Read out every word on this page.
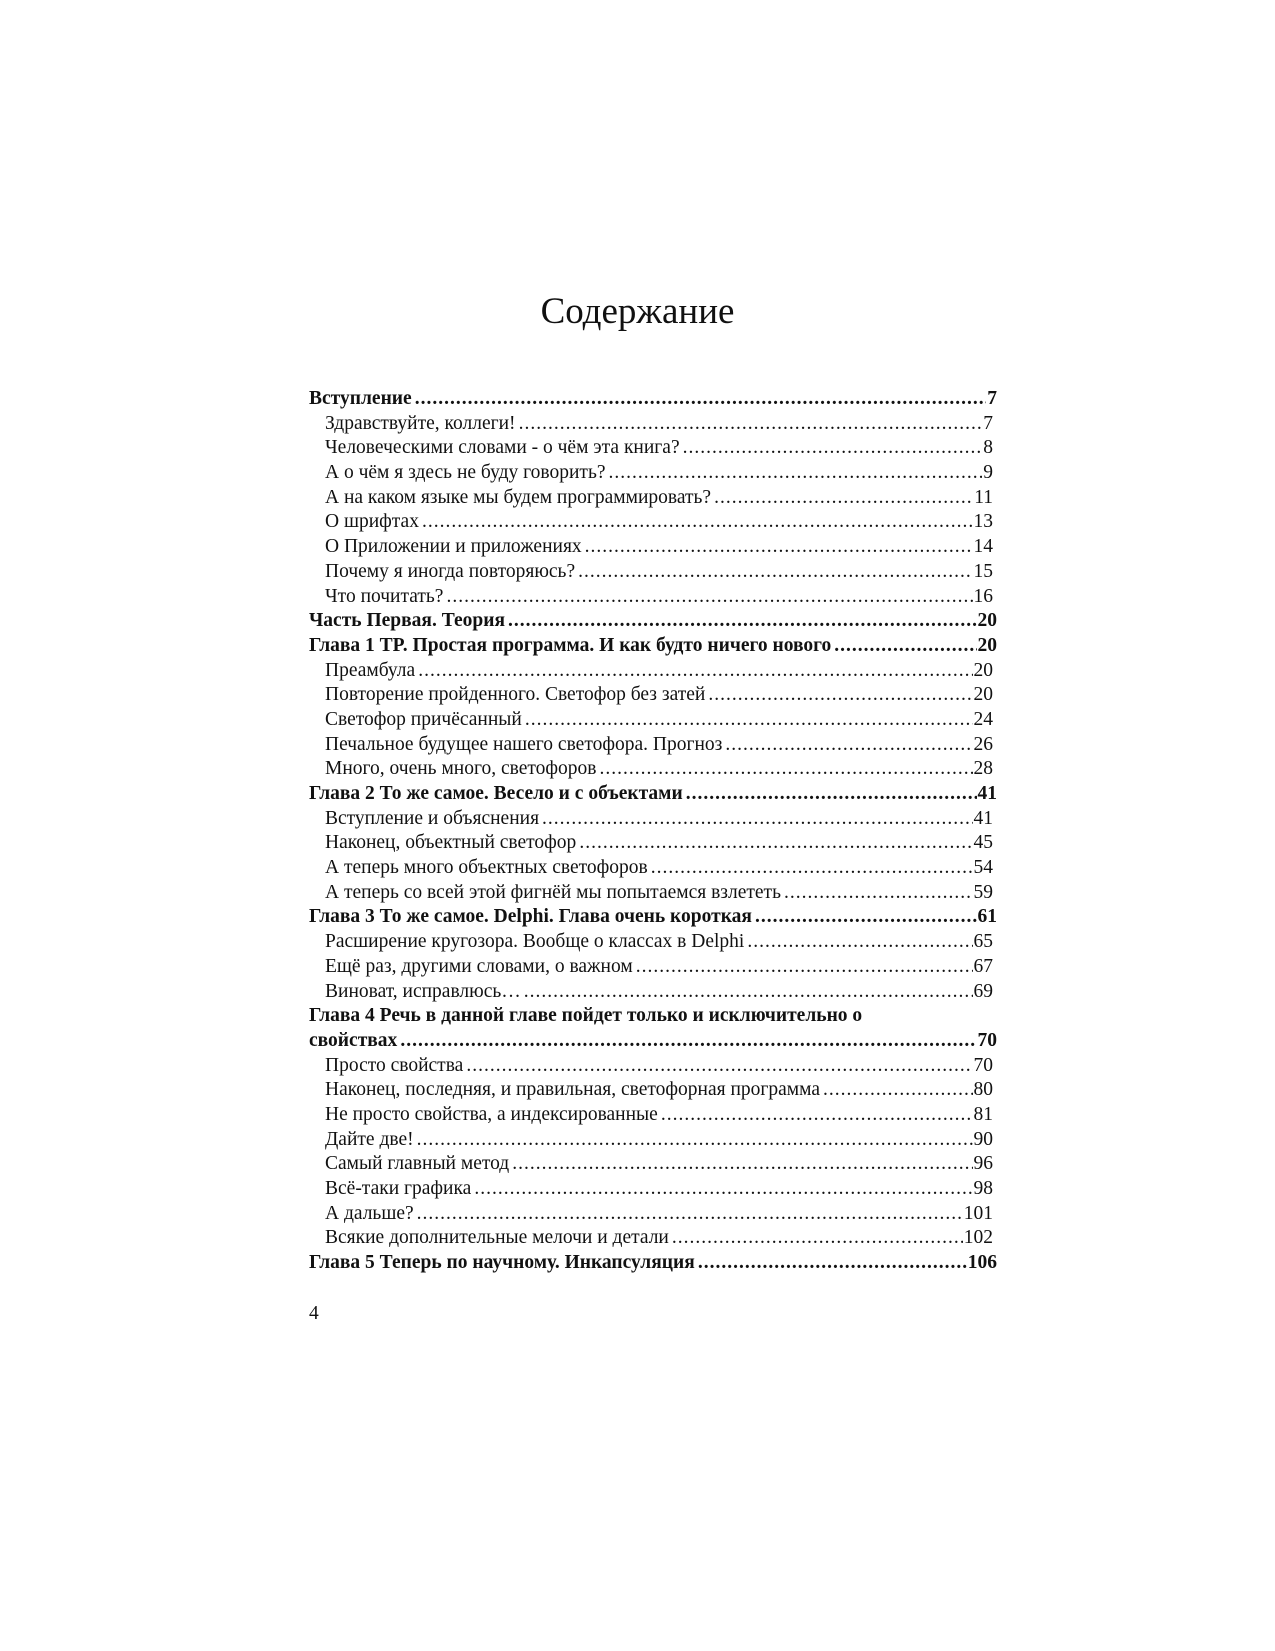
Содержание
Вступление .....	7
Здравствуйте, коллеги! .....	7
Человеческими словами - о чём эта книга? .....	8
А о чём я здесь не буду говорить? .....	9
А на каком языке мы будем программировать? .....	11
О шрифтах .....	13
О Приложении и приложениях .....	14
Почему я иногда повторяюсь? .....	15
Что почитать? .....	16
Часть Первая. Теория .....	20
Глава 1 TP. Простая программа. И как будто ничего нового .....	20
Преамбула .....	20
Повторение пройденного. Светофор без затей .....	20
Светофор причёсанный .....	24
Печальное будущее нашего светофора. Прогноз .....	26
Много, очень много, светофоров .....	28
Глава 2 То же самое. Весело и с объектами .....	41
Вступление и объяснения .....	41
Наконец, объектный светофор .....	45
А теперь много объектных светофоров .....	54
А теперь со всей этой фигнёй мы попытаемся взлететь .....	59
Глава 3 То же самое. Delphi. Глава очень короткая .....	61
Расширение кругозора. Вообще о классах в Delphi .....	65
Ещё раз, другими словами, о важном .....	67
Виноват, исправлюсь… .....	69
Глава 4 Речь в данной главе пойдет только и исключительно о
свойствах .....	70
Просто свойства .....	70
Наконец, последняя, и правильная, светофорная программа .....	80
Не просто свойства, а индексированные .....	81
Дайте две! .....	90
Самый главный метод .....	96
Всё-таки графика .....	98
А дальше? .....	101
Всякие дополнительные мелочи и детали .....	102
Глава 5 Теперь по научному. Инкапсуляция .....	106
4
